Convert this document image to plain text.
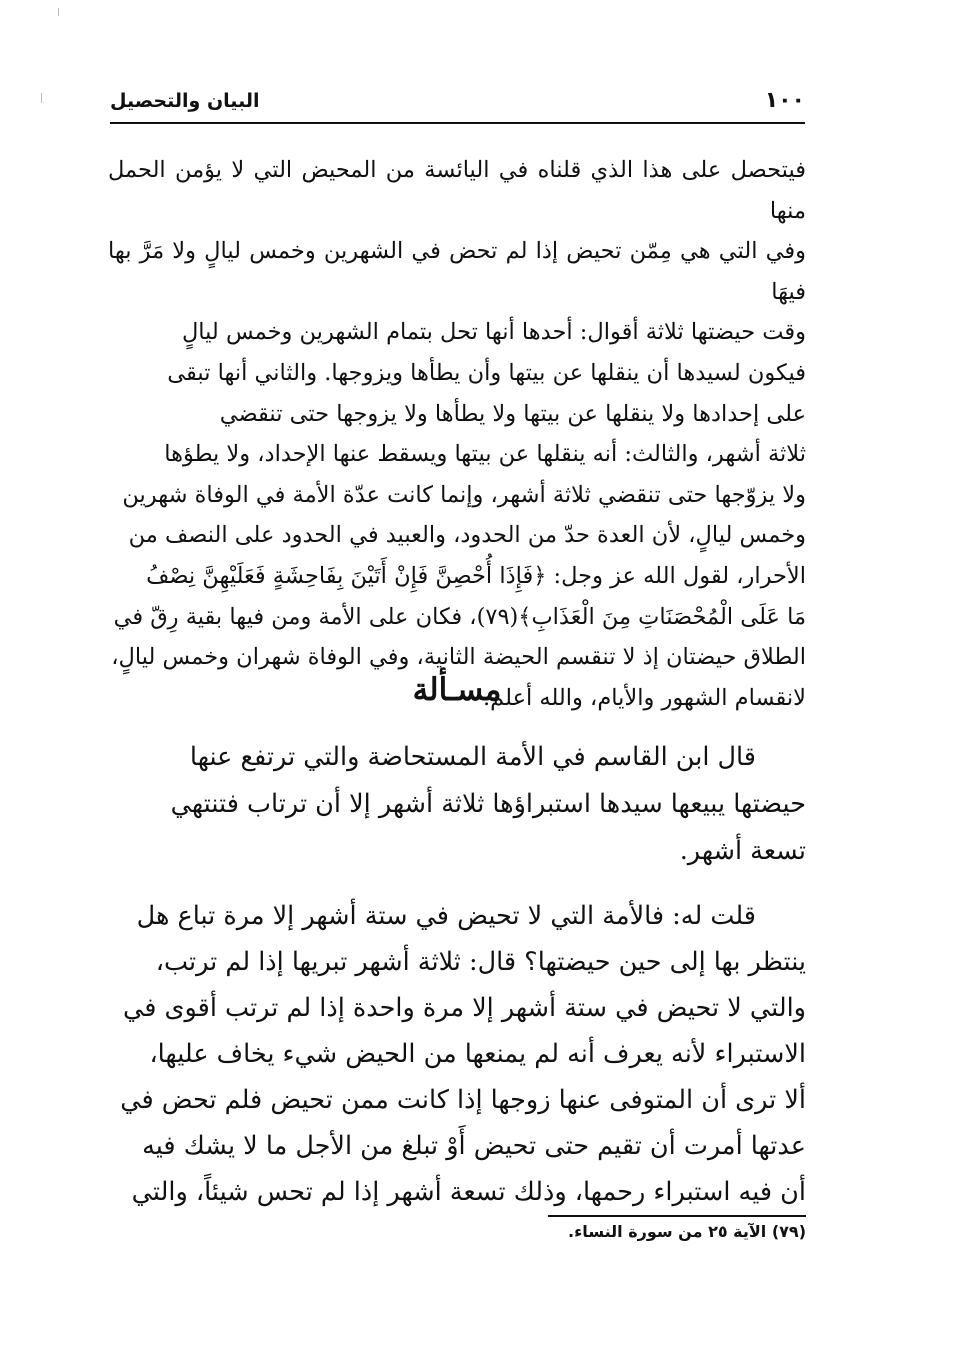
١٠٠
البيان والتحصيل

فيتحصل على هذا الذي قلناه في اليائسة من المحيض التي لا يؤمن الحمل منها

وفي التي هي مِمّن تحيض إذا لم تحض في الشهرين وخمس ليالٍ ولا مَرَّ بها فيهَا

وقت حيضتها ثلاثة أقوال: أحدها أنها تحل بتمام الشهرين وخمس ليالٍ

فيكون لسيدها أن ينقلها عن بيتها وأن يطأها ويزوجها. والثاني أنها تبقى

على إحدادها ولا ينقلها عن بيتها ولا يطأها ولا يزوجها حتى تنقضي

ثلاثة أشهر، والثالث: أنه ينقلها عن بيتها ويسقط عنها الإحداد، ولا يطؤها

ولا يزوّجها حتى تنقضي ثلاثة أشهر، وإنما كانت عدّة الأمة في الوفاة شهرين

وخمس ليالٍ، لأن العدة حدّ من الحدود، والعبيد في الحدود على النصف من

الأحرار، لقول الله عز وجل: ﴿فَإِذَا أُحْصِنَّ فَإِنْ أَتَيْنَ بِفَاحِشَةٍ فَعَلَيْهِنَّ نِصْفُ

مَا عَلَى الْمُحْصَنَاتِ مِنَ الْعَذَابِ﴾(٧٩)، فكان على الأمة ومن فيها بقية رِقّ في

الطلاق حيضتان إذ لا تنقسم الحيضة الثانية، وفي الوفاة شهران وخمس ليالٍ،

لانقسام الشهور والأيام، والله أعلم.

مسـألة

قال ابن القاسم في الأمة المستحاضة والتي ترتفع عنها

حيضتها يبيعها سيدها استبراؤها ثلاثة أشهر إلا أن ترتاب فتنتهي

تسعة أشهر.

قلت له: فالأمة التي لا تحيض في ستة أشهر إلا مرة تباع هل

ينتظر بها إلى حين حيضتها؟ قال: ثلاثة أشهر تبريها إذا لم ترتب،

والتي لا تحيض في ستة أشهر إلا مرة واحدة إذا لم ترتب أقوى في

الاستبراء لأنه يعرف أنه لم يمنعها من الحيض شيء يخاف عليها،

ألا ترى أن المتوفى عنها زوجها إذا كانت ممن تحيض فلم تحض في

عدتها أمرت أن تقيم حتى تحيض أَوْ تبلغ من الأجل ما لا يشك فيه

أن فيه استبراء رحمها، وذلك تسعة أشهر إذا لم تحس شيئاً، والتي

(٧٩) الآية ٢٥ من سورة النساء.
